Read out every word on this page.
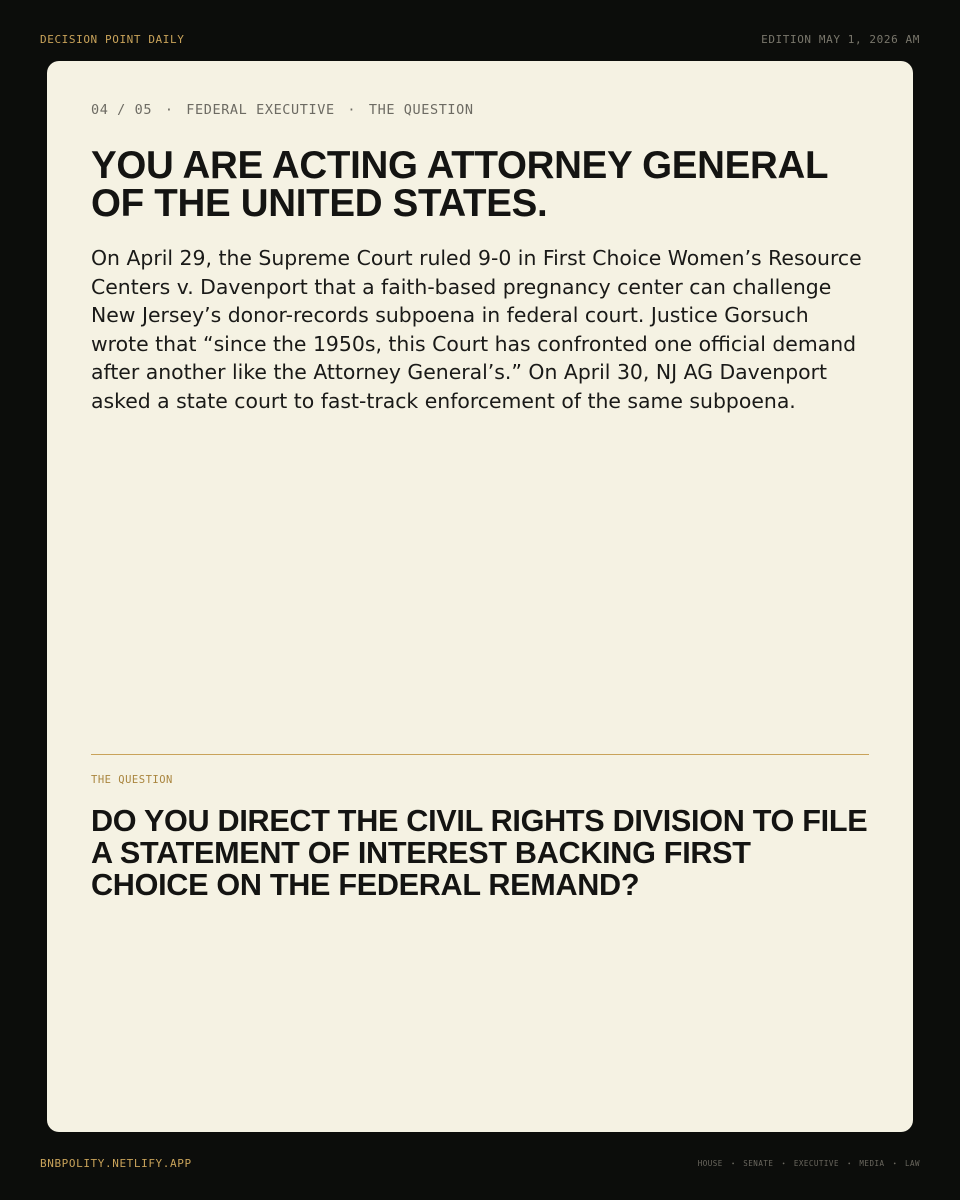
DECISION POINT DAILY	EDITION MAY 1, 2026 AM
04 / 05 · FEDERAL EXECUTIVE · THE QUESTION
YOU ARE ACTING ATTORNEY GENERAL OF THE UNITED STATES.

On April 29, the Supreme Court ruled 9-0 in First Choice Women’s Resource Centers v. Davenport that a faith-based pregnancy center can challenge New Jersey’s donor-records subpoena in federal court. Justice Gorsuch wrote that “since the 1950s, this Court has confronted one official demand after another like the Attorney General’s.” On April 30, NJ AG Davenport asked a state court to fast-track enforcement of the same subpoena.

THE QUESTION
DO YOU DIRECT THE CIVIL RIGHTS DIVISION TO FILE A STATEMENT OF INTEREST BACKING FIRST CHOICE ON THE FEDERAL REMAND?
BNBPOLITY.NETLIFY.APP	HOUSE • SENATE • EXECUTIVE • MEDIA • LAW
